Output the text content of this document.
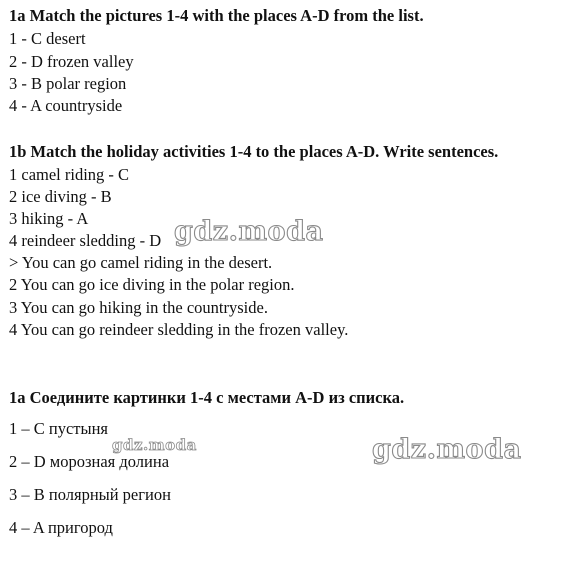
1a Match the pictures 1-4 with the places A-D from the list.
1 - C desert
2 - D frozen valley
3 - B polar region
4 - A countryside
1b Match the holiday activities 1-4 to the places A-D. Write sentences.
1 camel riding - C
2 ice diving - B
3 hiking - A
4 reindeer sledding - D
> You can go camel riding in the desert.
2 You can go ice diving in the polar region.
3 You can go hiking in the countryside.
4 You can go reindeer sledding in the frozen valley.
1а Соедините картинки 1-4 с местами A-D из списка.
1 – C пустыня
2 – D морозная долина
3 – B полярный регион
4 – A пригород
gdz.moda
gdz.moda	gdz.moda
